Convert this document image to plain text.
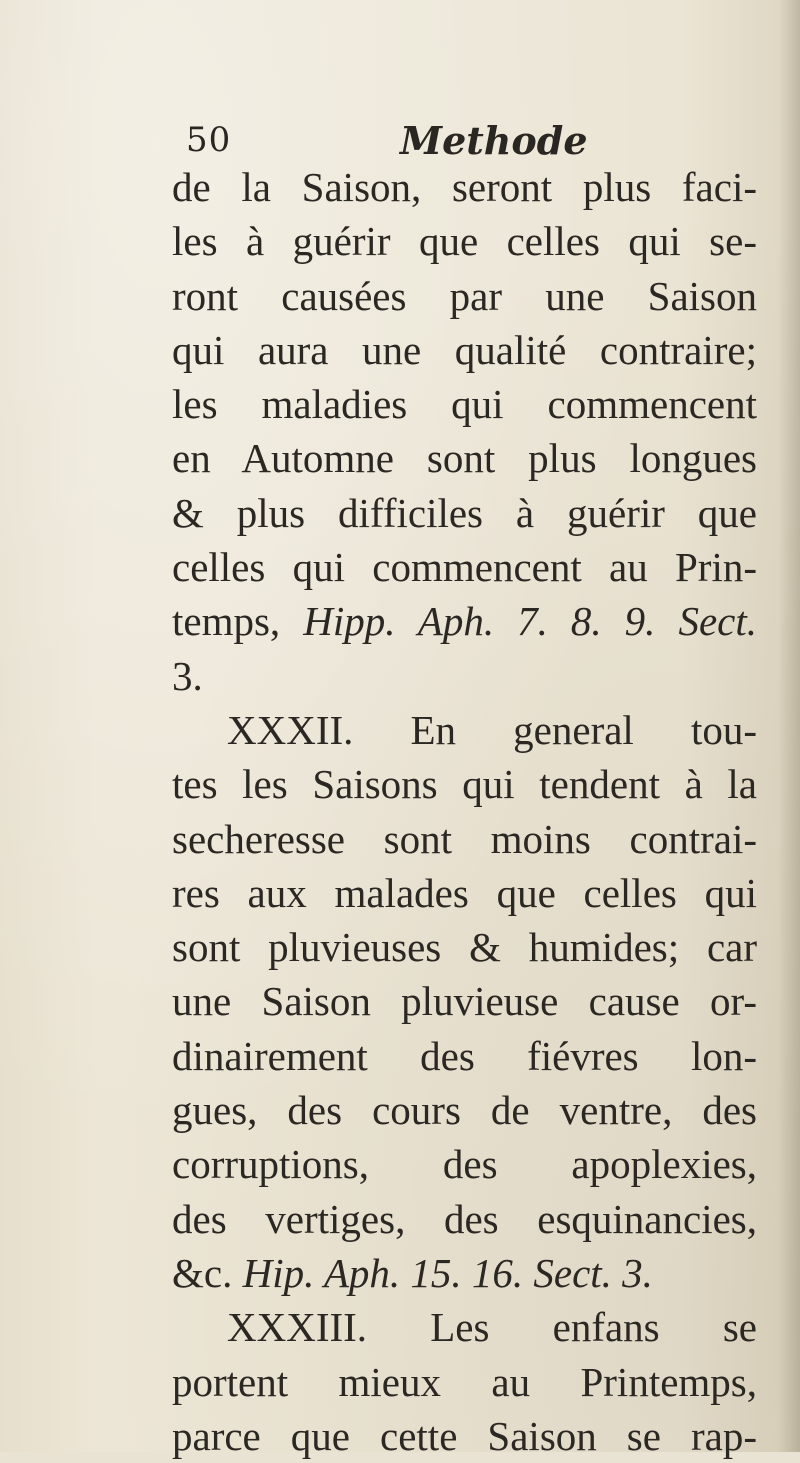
50	Methode
de la Saison, seront plus faci-
les à guérir que celles qui se-
ront causées par une Saison
qui aura une qualité contraire;
les maladies qui commencent
en Automne sont plus longues
& plus difficiles à guérir que
celles qui commencent au Prin-
temps, Hipp. Aph. 7. 8. 9. Sect.
3.
XXXII. En general tou-
tes les Saisons qui tendent à la
secheresse sont moins contrai-
res aux malades que celles qui
sont pluvieuses & humides; car
une Saison pluvieuse cause or-
dinairement des fiévres lon-
gues, des cours de ventre, des
corruptions, des apoplexies,
des vertiges, des esquinancies,
&c. Hip. Aph. 15. 16. Sect. 3.
XXXIII. Les enfans se
portent mieux au Printemps,
parce que cette Saison se rap-
